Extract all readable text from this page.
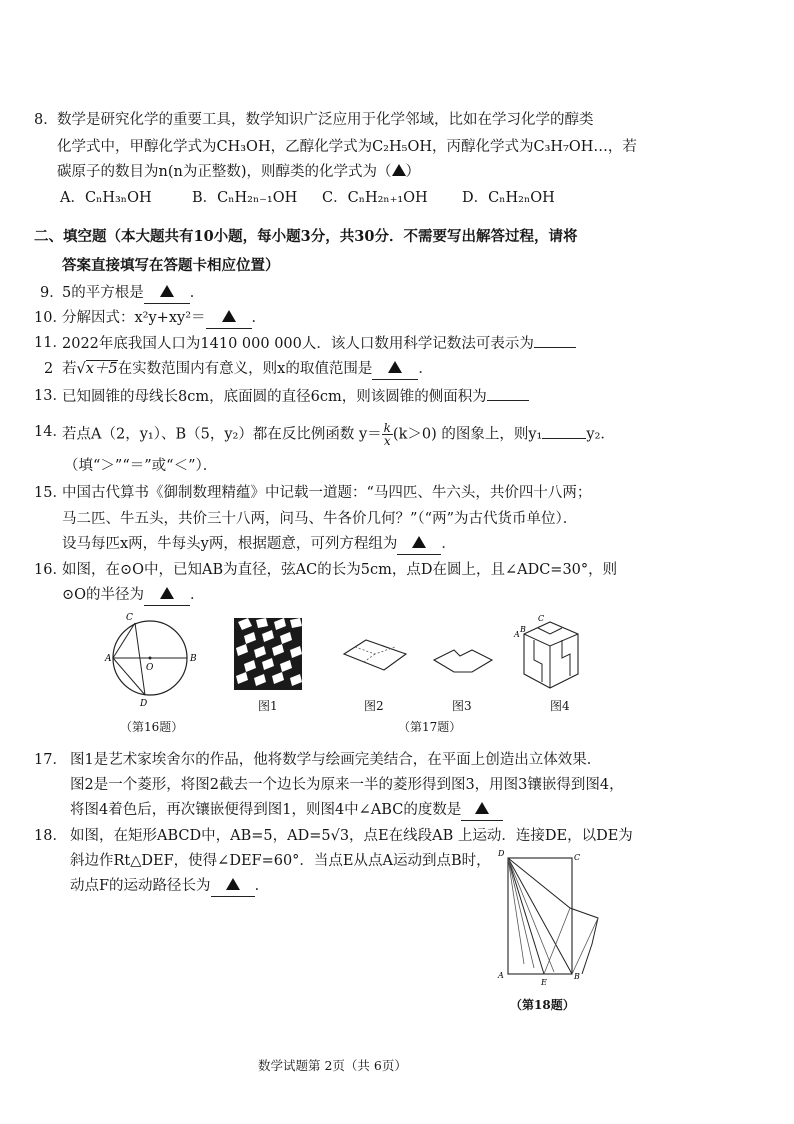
8． 数学是研究化学的重要工具，数学知识广泛应用于化学邻域，比如在学习化学的醇类
化学式中，甲醇化学式为CH₃OH，乙醇化学式为C₂H₅OH，丙醇化学式为C₃H₇OH…，若
碳原子的数目为n(n为正整数)，则醇类的化学式为（ ）
A．CₙH₃ₙOH	B．CₙH₂ₙ₋₁OH C．CₙH₂ₙ₊₁OH D．CₙH₂ₙOH
二、填空题（本大题共有10小题，每小题3分，共30分．不需要写出解答过程，请将
答案直接填写在答题卡相应位置）
9．
5的平方根是	．
10．
分解因式：x²y+xy²＝	．
11．
2022年底我国人口为1410 000 000人．该人口数用科学记数法可表示为
2 若√x＋5在实数范围内有意义，则x的取值范围是	．
13．
已知圆锥的母线长8cm，底面圆的直径6cm，则该圆锥的侧面积为
14．
若点A（2，y₁）、B（5，y₂）都在反比例函数 $y= \frac{k}{x} (k>0)$ 的图象上，则y₁	y₂．
（填“＞”“＝”或“＜”）．
15．
中国古代算书《御制数理精蕴》中记载一道题：“马四匹、牛六头，共价四十八两；
马二匹、牛五头，共价三十八两，问马、牛各价几何？”（“两”为古代货币单位）．
设马每匹x两，牛每头y两，根据题意，可列方程组为	．
16．
如图，在⊙O中，已知AB为直径，弦AC的长为5cm，点D在圆上，且∠ADC=30°，则
⊙O的半径为	．
C
A
O
B
D
（第16题）
图1	图2	图3
A
B
C
图4
（第17题）
17． 图1是艺术家埃舍尔的作品，他将数学与绘画完美结合，在平面上创造出立体效果．
图2是一个菱形，将图2截去一个边长为原来一半的菱形得到图3，用图3镶嵌得到图4，
将图4着色后，再次镶嵌便得到图1，则图4中∠ABC的度数是
18． 如图，在矩形ABCD中，AB=5，AD=5√3，点E在线段AB 上运动．连接DE，以DE为
斜边作Rt△DEF，使得∠DEF=60°．当点E从点A运动到点B时，
动点F的运动路径长为	．
D	C
A
E
B
（第18题）
数学试题第 2页（共 6页）
